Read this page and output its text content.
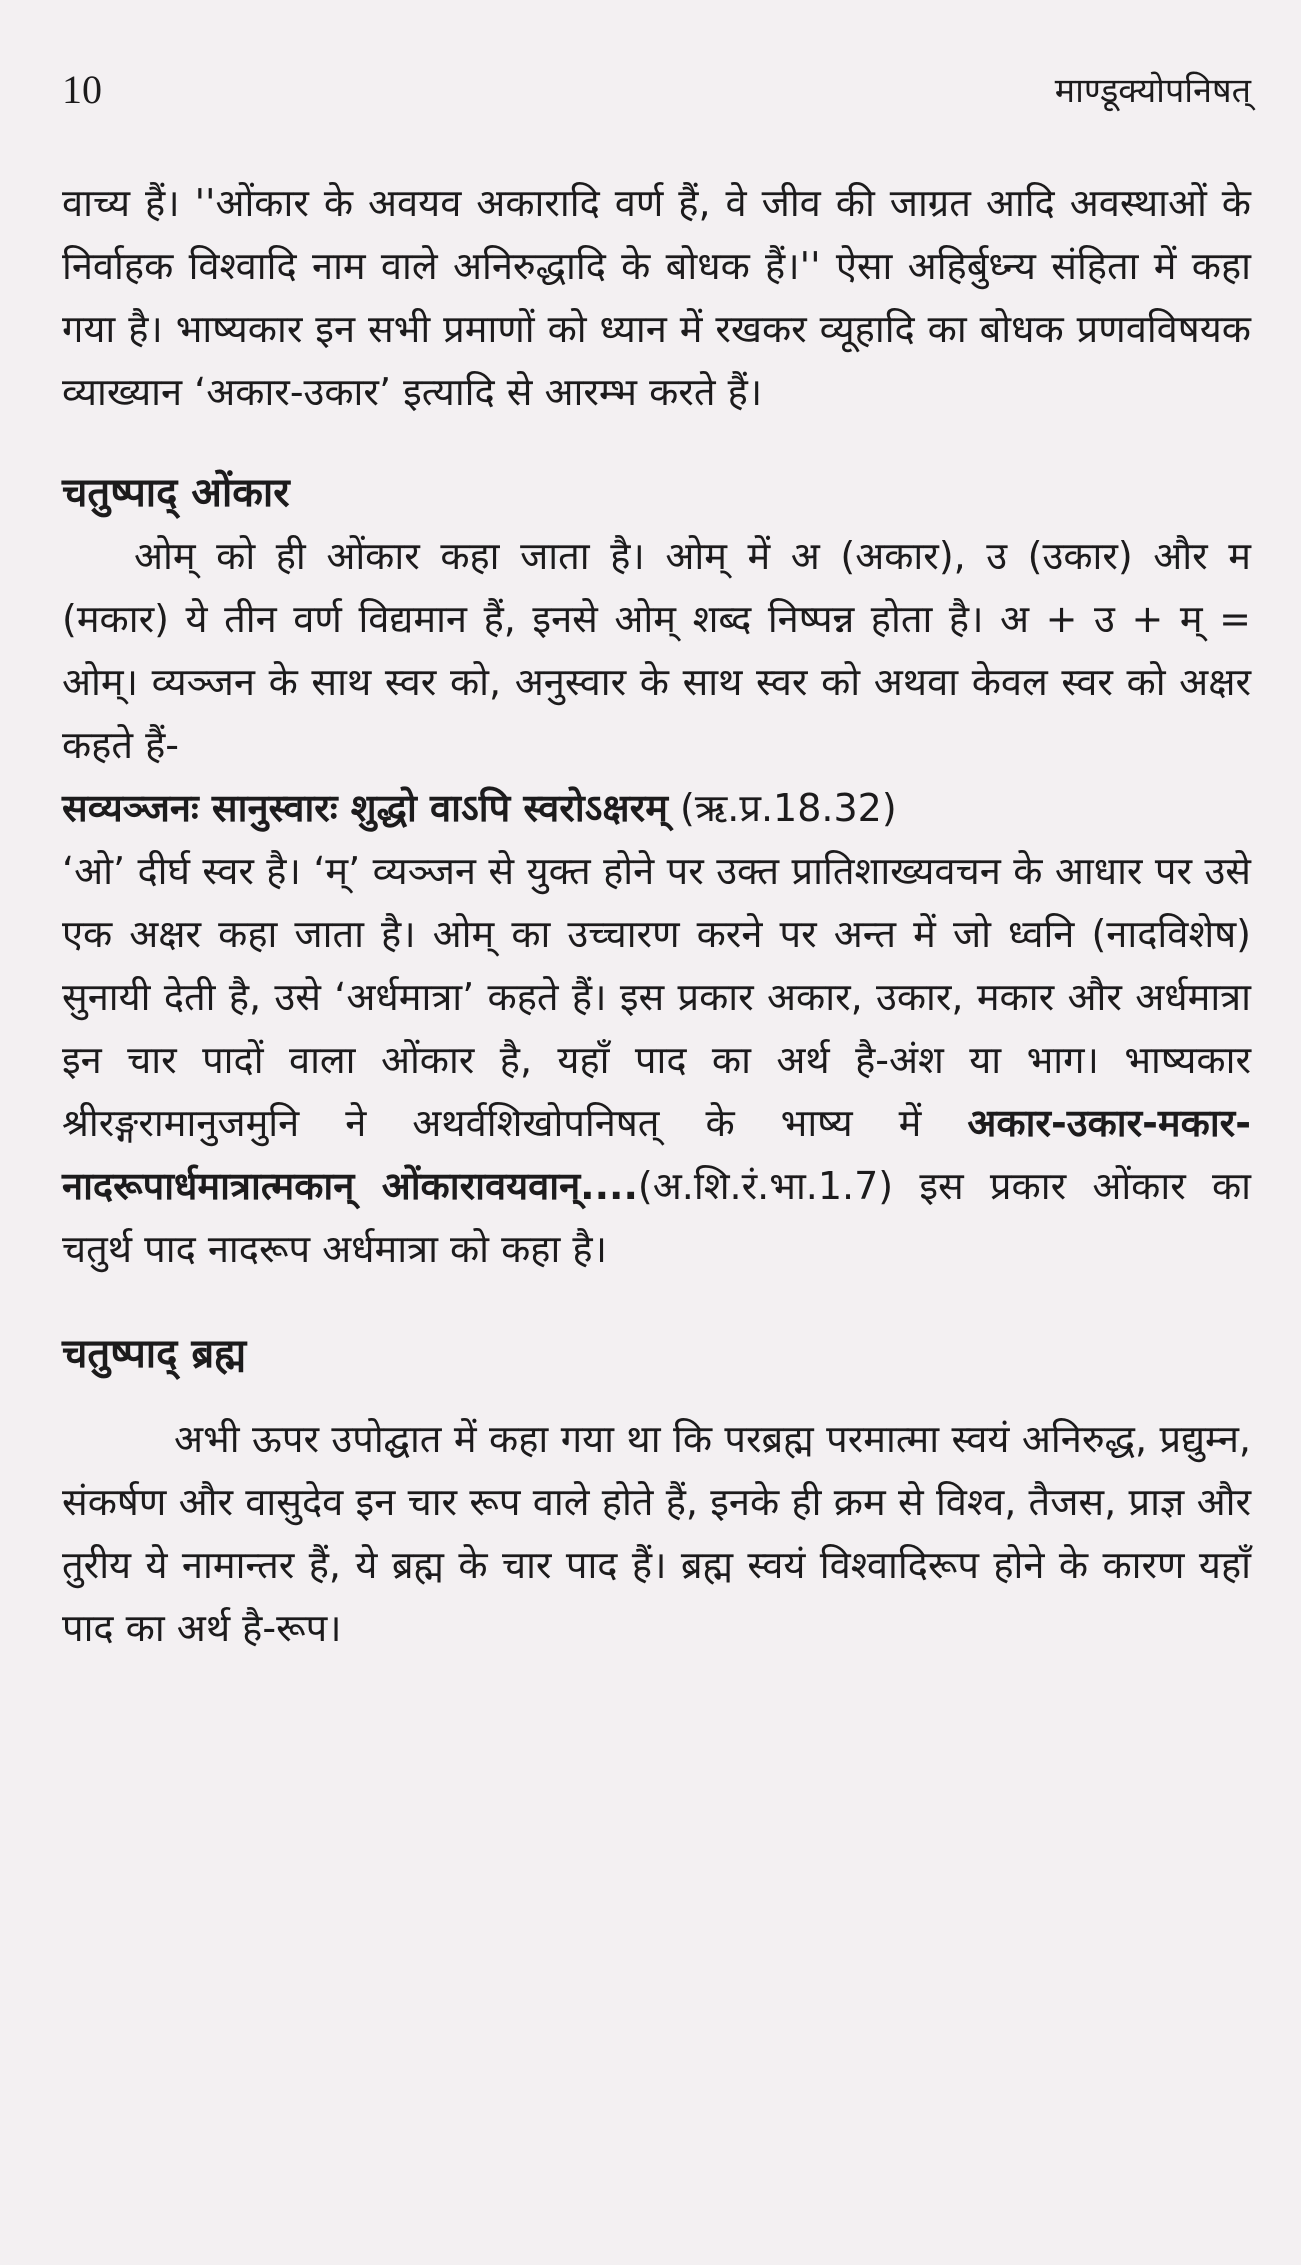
10	माण्डूक्योपनिषत्

वाच्य हैं। ''ओंकार के अवयव अकारादि वर्ण हैं, वे जीव की जाग्रत आदि अवस्थाओं के निर्वाहक विश्वादि नाम वाले अनिरुद्धादि के बोधक हैं।'' ऐसा अहिर्बुध्न्य संहिता में कहा गया है। भाष्यकार इन सभी प्रमाणों को ध्यान में रखकर व्यूहादि का बोधक प्रणवविषयक व्याख्यान ‘अकार-उकार’ इत्यादि से आरम्भ करते हैं।

चतुष्पाद् ओंकार

ओम् को ही ओंकार कहा जाता है। ओम् में अ (अकार), उ (उकार) और म (मकार) ये तीन वर्ण विद्यमान हैं, इनसे ओम् शब्द निष्पन्न होता है। अ + उ + म् = ओम्। व्यञ्जन के साथ स्वर को, अनुस्वार के साथ स्वर को अथवा केवल स्वर को अक्षर कहते हैं-
सव्यञ्जनः सानुस्वारः शुद्धो वाऽपि स्वरोऽक्षरम् (ऋ.प्र.18.32)
‘ओ’ दीर्घ स्वर है। ‘म्’ व्यञ्जन से युक्त होने पर उक्त प्रातिशाख्यवचन के आधार पर उसे एक अक्षर कहा जाता है। ओम् का उच्चारण करने पर अन्त में जो ध्वनि (नादविशेष) सुनायी देती है, उसे ‘अर्धमात्रा’ कहते हैं। इस प्रकार अकार, उकार, मकार और अर्धमात्रा इन चार पादों वाला ओंकार है, यहाँ पाद का अर्थ है-अंश या भाग। भाष्यकार श्रीरङ्गरामानुजमुनि ने अथर्वशिखोपनिषत् के भाष्य में अकार-उकार-मकार-नादरूपार्धमात्रात्मकान् ओंकारावयवान्....(अ.शि.रं.भा.1.7) इस प्रकार ओंकार का चतुर्थ पाद नादरूप अर्धमात्रा को कहा है।

चतुष्पाद् ब्रह्म

अभी ऊपर उपोद्घात में कहा गया था कि परब्रह्म परमात्मा स्वयं अनिरुद्ध, प्रद्युम्न, संकर्षण और वासुदेव इन चार रूप वाले होते हैं, इनके ही क्रम से विश्व, तैजस, प्राज्ञ और तुरीय ये नामान्तर हैं, ये ब्रह्म के चार पाद हैं। ब्रह्म स्वयं विश्वादिरूप होने के कारण यहाँ पाद का अर्थ है-रूप।
